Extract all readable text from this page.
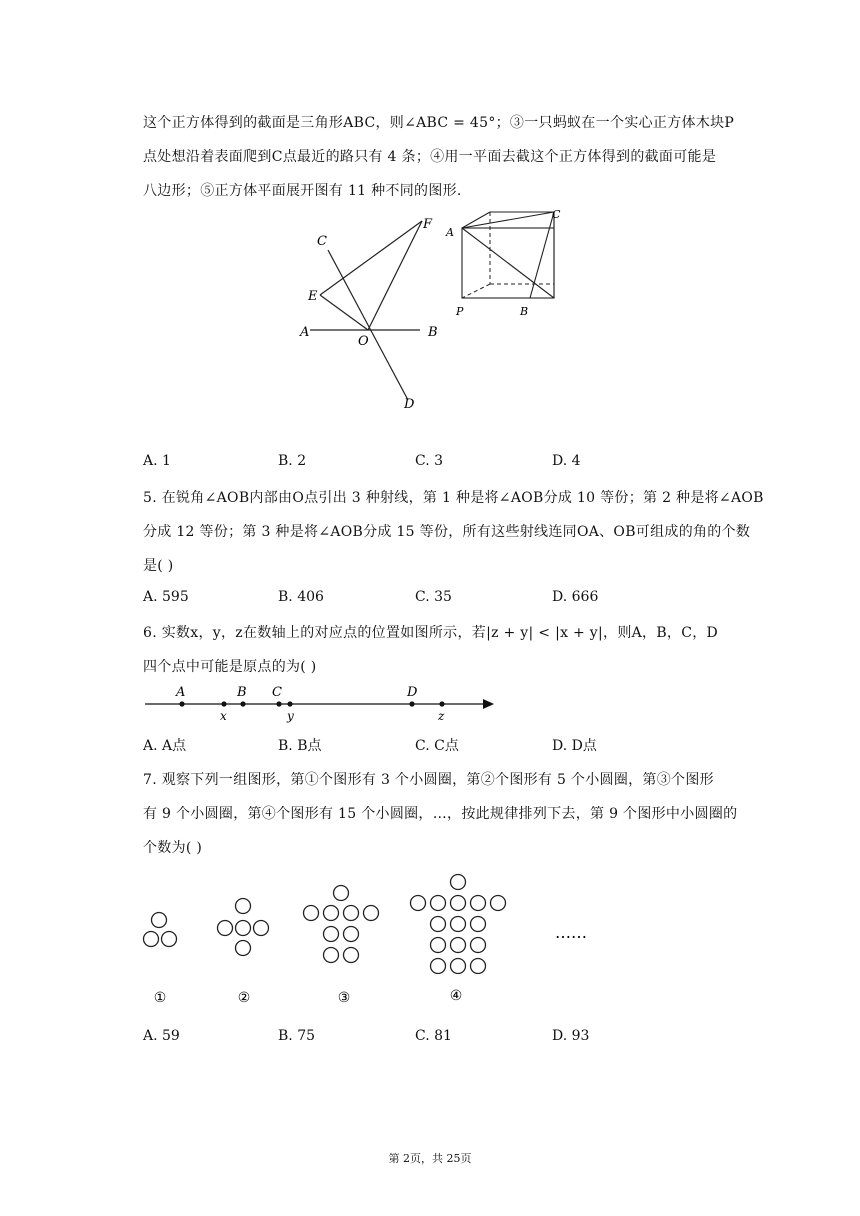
这个正方体得到的截面是三角形ABC，则∠ABC = 45°；③一只蚂蚁在一个实心正方体木块P
点处想沿着表面爬到C点最近的路只有 4 条；④用一平面去截这个正方体得到的截面可能是
八边形；⑤正方体平面展开图有 11 种不同的图形.
C
F
E
A
O
B
D
A
C
P	B
A. 1	B. 2	C. 3	D. 4
5. 在锐角∠AOB内部由O点引出 3 种射线，第 1 种是将∠AOB分成 10 等份；第 2 种是将∠AOB
分成 12 等份；第 3 种是将∠AOB分成 15 等份，所有这些射线连同OA、OB可组成的角的个数
是( )
A. 595	B. 406	C. 35	D. 666
6. 实数x，y，z在数轴上的对应点的位置如图所示，若|z + y| < |x + y|，则A，B，C，D
四个点中可能是原点的为( )
A	B C	D
x	y	z
A. A点	B. B点	C. C点	D. D点
7. 观察下列一组图形，第①个图形有 3 个小圆圈，第②个图形有 5 个小圆圈，第③个图形
有 9 个小圆圈，第④个图形有 15 个小圆圈，…，按此规律排列下去，第 9 个图形中小圆圈的
个数为( )
……
①	②	③	④
A. 59	B. 75	C. 81	D. 93
第 2页，共 25页
